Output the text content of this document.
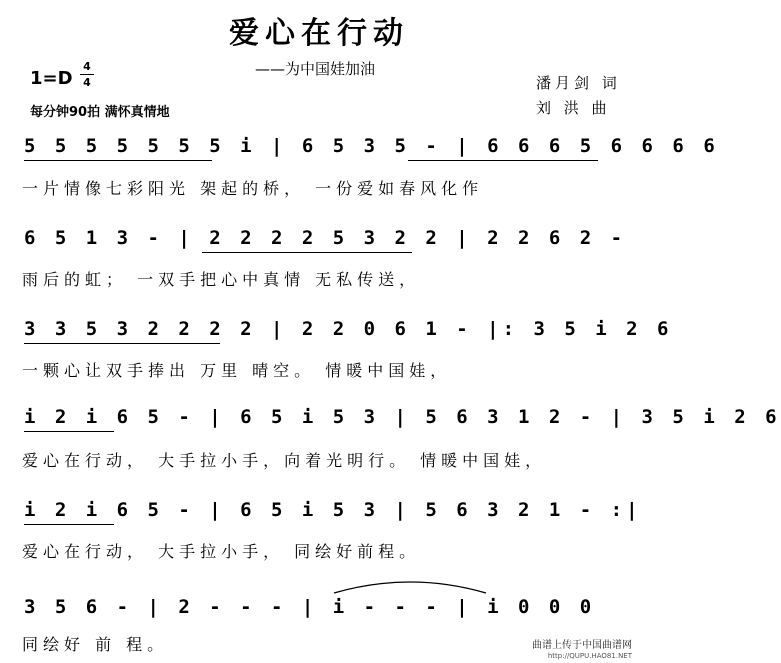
爱心在行动
——为中国娃加油
1=D
4
4
每分钟90拍 满怀真情地
潘月剑 词
刘 洪 曲
5 5 5 5 5 5 5 i | 6 5 3 5 - | 6 6 6 5 6 6 6 6
一片情像七彩阳光 架起的桥， 一份爱如春风化作
6 5 1 3 - | 2 2 2 2 5 3 2 2 | 2 2 6 2 -
雨后的虹； 一双手把心中真情 无私传送，
3 3 5 3 2 2 2 2 | 2 2 0 6 1 - |: 3 5 i 2 6
一颗心让双手捧出 万里 晴空。 情暖中国娃，
i 2 i 6 5 - | 6 5 i 5 3 | 5 6 3 1 2 - | 3 5 i 2 6
爱心在行动， 大手拉小手，向着光明行。 情暖中国娃，
i 2 i 6 5 - | 6 5 i 5 3 | 5 6 3 2 1 - :|
爱心在行动， 大手拉小手， 同绘好前程。
3 5 6 - | 2 - - - | i - - - | i 0 0 0
同绘好 前 程。	曲谱上传于中国曲谱网
http://QUPU.HAO81.NET
